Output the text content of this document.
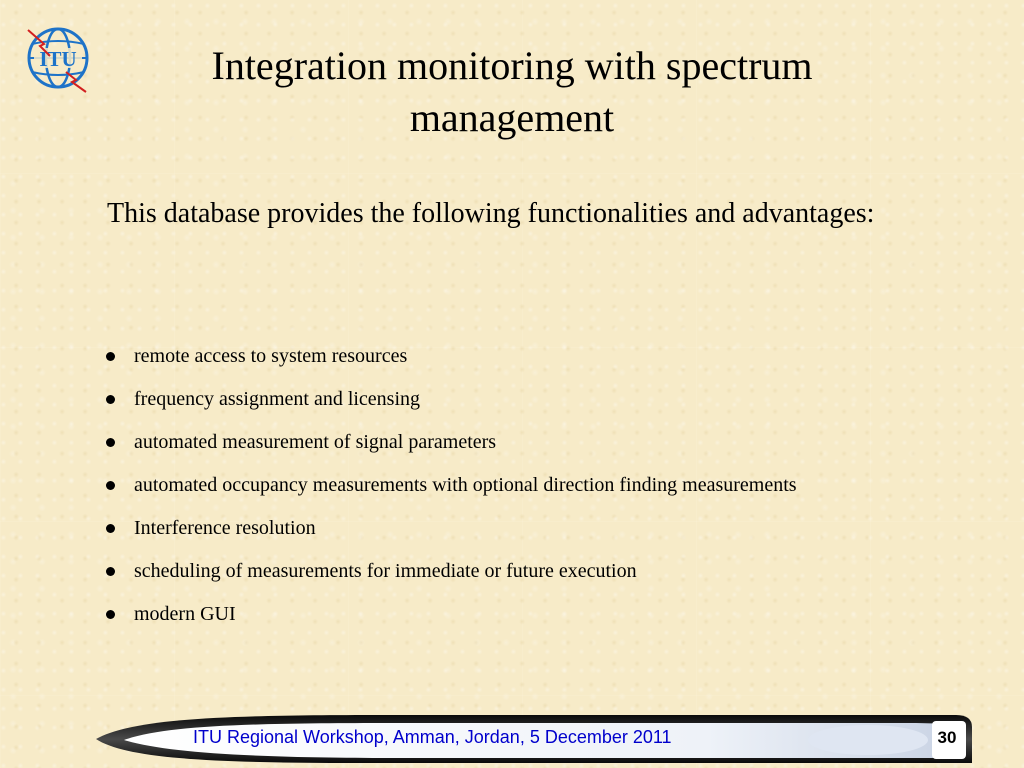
ITU	Integration monitoring with spectrum management
This database provides the following functionalities and advantages:
remote access to system resources
frequency assignment and licensing
automated measurement of signal parameters
automated occupancy measurements with optional direction finding measurements
Interference resolution
scheduling of measurements for immediate or future execution
modern GUI
ITU Regional Workshop, Amman, Jordan, 5 December 2011	30
